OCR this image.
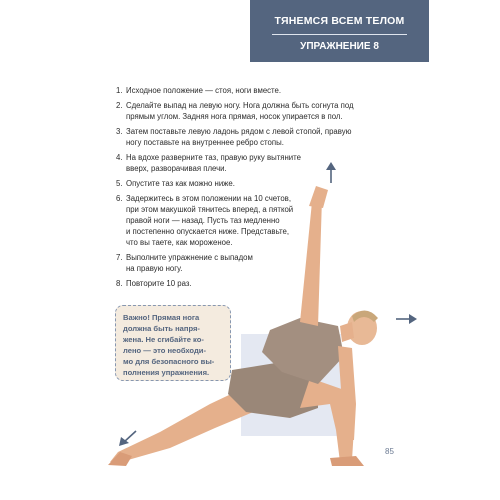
ТЯНЕМСЯ ВСЕМ ТЕЛОМ
УПРАЖНЕНИЕ 8
1. Исходное положение — стоя, ноги вместе.
2. Сделайте выпад на левую ногу. Нога должна быть согнута под
прямым углом. Задняя нога прямая, носок упирается в пол.
3. Затем поставьте левую ладонь рядом с левой стопой, правую
ногу поставьте на внутреннее ребро стопы.
4. На вдохе разверните таз, правую руку вытяните
вверх, разворачивая плечи.
5. Опустите таз как можно ниже.
6. Задержитесь в этом положении на 10 счетов,
при этом макушкой тянитесь вперед, а пяткой
правой ноги — назад. Пусть таз медленно
и постепенно опускается ниже. Представьте,
что вы таете, как мороженое.
7. Выполните упражнение с выпадом
на правую ногу.
8. Повторите 10 раз.
Важно! Прямая нога
должна быть напря-
жена. Не сгибайте ко-
лено — это необходи-
мо для безопасного вы-
полнения упражнения.
85
